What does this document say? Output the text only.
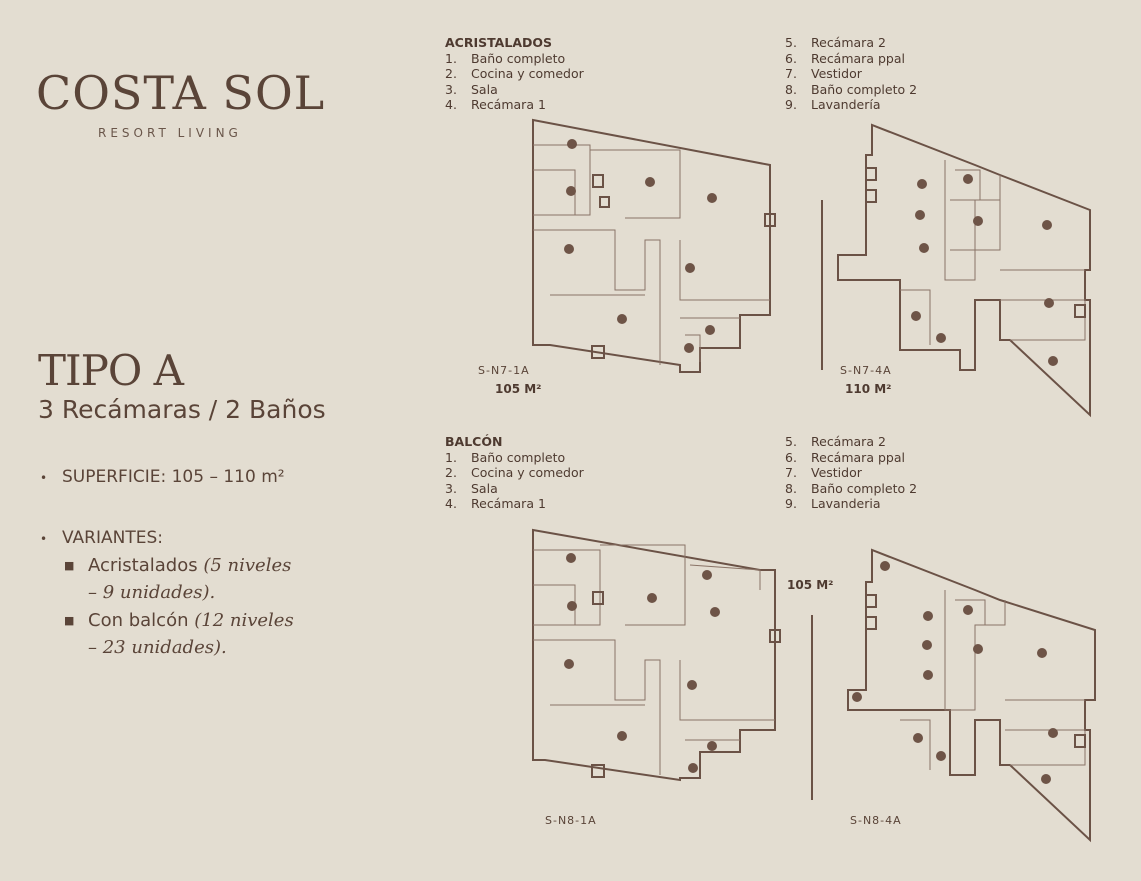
COSTA SOL
RESORT LIVING
TIPO A
3 Recámaras / 2 Baños
• SUPERFICIE: 105 – 110 m²
• VARIANTES:
■ Acristalados (5 niveles
– 9 unidades).
■ Con balcón (12 niveles
– 23 unidades).
ACRISTALADOS
1. Baño completo
2. Cocina y comedor
3. Sala
4. Recámara 1
5. Recámara 2
6. Recámara ppal
7. Vestidor
8. Baño completo 2
9. Lavandería
BALCÓN
1. Baño completo
2. Cocina y comedor
3. Sala
4. Recámara 1
5. Recámara 2
6. Recámara ppal
7. Vestidor
8. Baño completo 2
9. Lavanderia
S-N7-1A
105 M²
S-N7-4A
110 M²
105 M²
S-N8-1A	S-N8-4A
